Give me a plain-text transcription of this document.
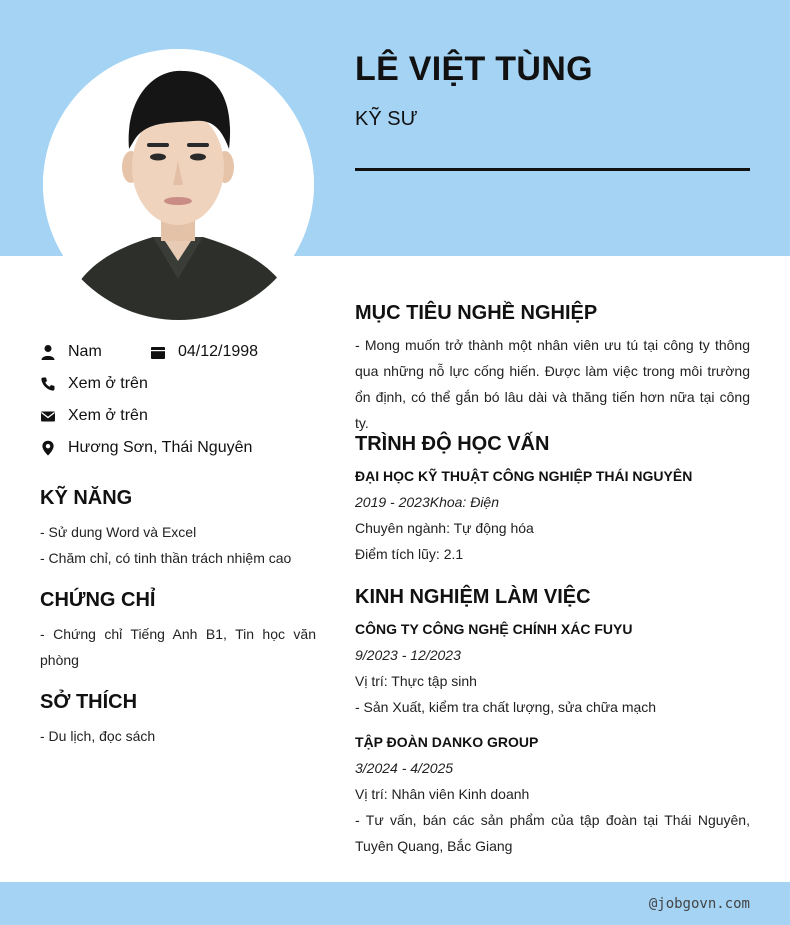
LÊ VIỆT TÙNG
KỸ SƯ
Nam	04/12/1998
Xem ở trên
Xem ở trên
Hương Sơn, Thái Nguyên
KỸ NĂNG
- Sử dung Word và Excel
- Chăm chỉ, có tinh thần trách nhiệm cao
CHỨNG CHỈ
- Chứng chỉ Tiếng Anh B1, Tin học văn phòng
SỞ THÍCH
- Du lịch, đọc sách
MỤC TIÊU NGHỀ NGHIỆP
- Mong muốn trở thành một nhân viên ưu tú tại công ty thông qua những nỗ lực cống hiến. Được làm việc trong môi trường ổn định, có thể gắn bó lâu dài và thăng tiến hơn nữa tại công ty.
TRÌNH ĐỘ HỌC VẤN
ĐẠI HỌC KỸ THUẬT CÔNG NGHIỆP THÁI NGUYÊN
2019 - 2023Khoa: Điện
Chuyên ngành: Tự động hóa
Điểm tích lũy: 2.1
KINH NGHIỆM LÀM VIỆC
CÔNG TY CÔNG NGHỆ CHÍNH XÁC FUYU
9/2023 - 12/2023
Vị trí: Thực tập sinh
- Sản Xuất, kiểm tra chất lượng, sửa chữa mạch
TẬP ĐOÀN DANKO GROUP
3/2024 - 4/2025
Vị trí: Nhân viên Kinh doanh
- Tư vấn, bán các sản phẩm của tập đoàn tại Thái Nguyên, Tuyên Quang, Bắc Giang
@jobgovn.com
